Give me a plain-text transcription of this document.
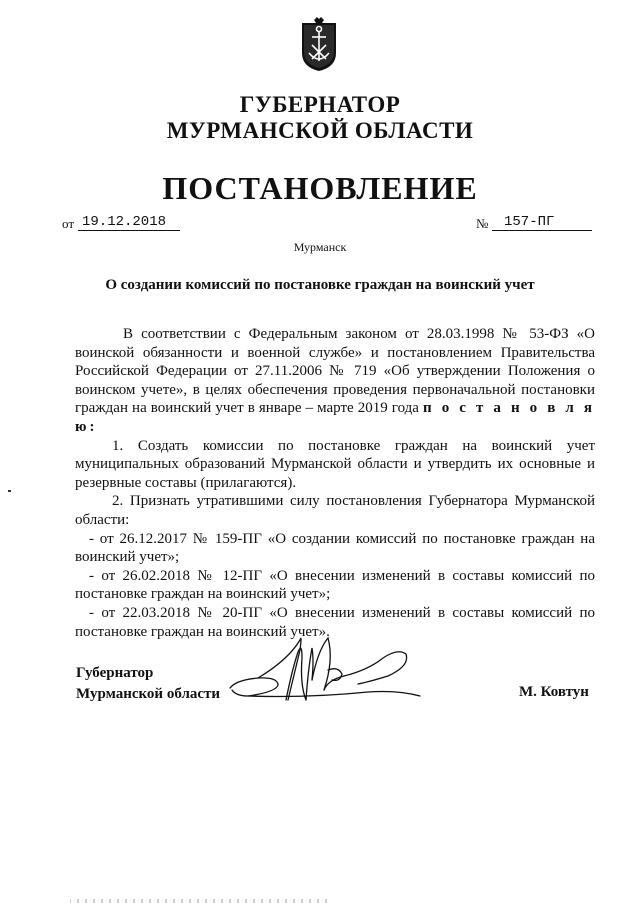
ГУБЕРНАТОР
МУРМАНСКОЙ ОБЛАСТИ
ПОСТАНОВЛЕНИЕ
от 19.12.2018	№	157-ПГ
Мурманск
О создании комиссий по постановке граждан на воинский учет

В соответствии с Федеральным законом от 28.03.1998 № 53-ФЗ «О воинской обязанности и военной службе» и постановлением Правительства Российской Федерации от 27.11.2006 № 719 «Об утверждении Положения о воинском учете», в целях обеспечения проведения первоначальной постановки граждан на воинский учет в январе – марте 2019 года п о с т а н о в л я ю:

1. Создать комиссии по постановке граждан на воинский учет муниципальных образований Мурманской области и утвердить их основные и резервные составы (прилагаются).

2. Признать утратившими силу постановления Губернатора Мурманской области:

- от 26.12.2017 № 159-ПГ «О создании комиссий по постановке граждан на воинский учет»;

- от 26.02.2018 № 12-ПГ «О внесении изменений в составы комиссий по постановке граждан на воинский учет»;

- от 22.03.2018 № 20-ПГ «О внесении изменений в составы комиссий по постановке граждан на воинский учет».

Губернатор
Мурманской области	М. Ковтун
